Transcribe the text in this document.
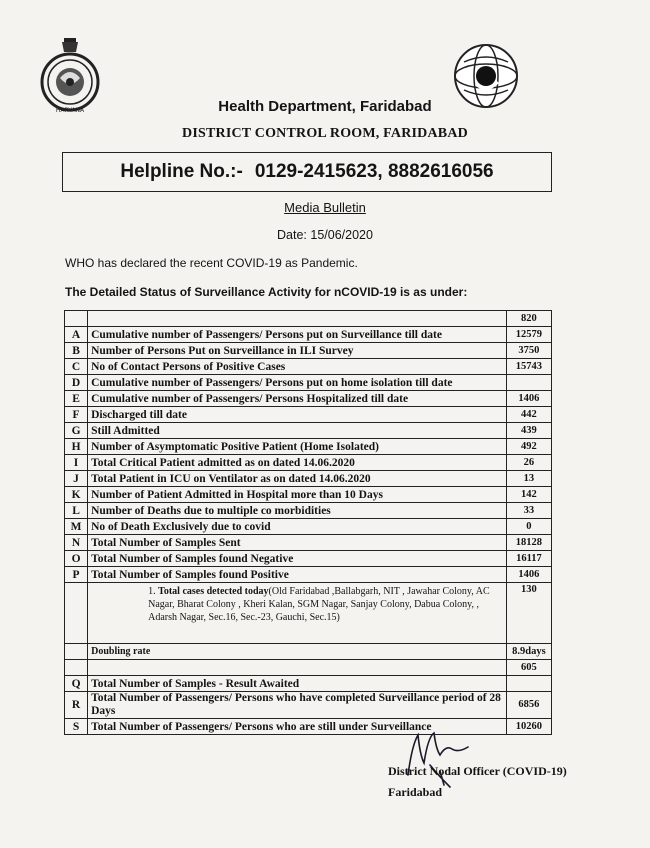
HARYANA	Health Department, Faridabad
DISTRICT CONTROL ROOM, FARIDABAD
Helpline No.:- 0129-2415623, 8882616056
Media Bulletin
Date: 15/06/2020
WHO has declared the recent COVID-19 as Pandemic.
The Detailed Status of Surveillance Activity for nCOVID-19 is as under:
		820
A	Cumulative number of Passengers/ Persons put on Surveillance till date	12579
B	Number of Persons Put on Surveillance in ILI Survey	3750
C	No of Contact Persons of Positive Cases	15743
D	Cumulative number of Passengers/ Persons put on home isolation till date	
E	Cumulative number of Passengers/ Persons Hospitalized till date	1406
F	Discharged till date	442
G	Still Admitted	439
H	Number of Asymptomatic Positive Patient (Home Isolated)	492
I	Total Critical Patient admitted as on dated 14.06.2020	26
J	Total Patient in ICU on Ventilator as on dated 14.06.2020	13
K	Number of Patient Admitted in Hospital more than 10 Days	142
L	Number of Deaths due to multiple co morbidities	33
M	No of Death Exclusively due to covid	0
N	Total Number of Samples Sent	18128
O	Total Number of Samples found Negative	16117
P	Total Number of Samples found Positive	1406
	1. Total cases detected today(Old Faridabad ,Ballabgarh, NIT , Jawahar Colony, AC Nagar, Bharat Colony , Kheri Kalan, SGM Nagar, Sanjay Colony, Dabua Colony, , Adarsh Nagar, Sec.16, Sec.-23, Gauchi, Sec.15)	130
	Doubling rate	8.9days
		605
Q	Total Number of Samples - Result Awaited	
R	Total Number of Passengers/ Persons who have completed Surveillance period of 28 Days	6856
S	Total Number of Passengers/ Persons who are still under Surveillance	10260
District Nodal Officer (COVID-19)
Faridabad
